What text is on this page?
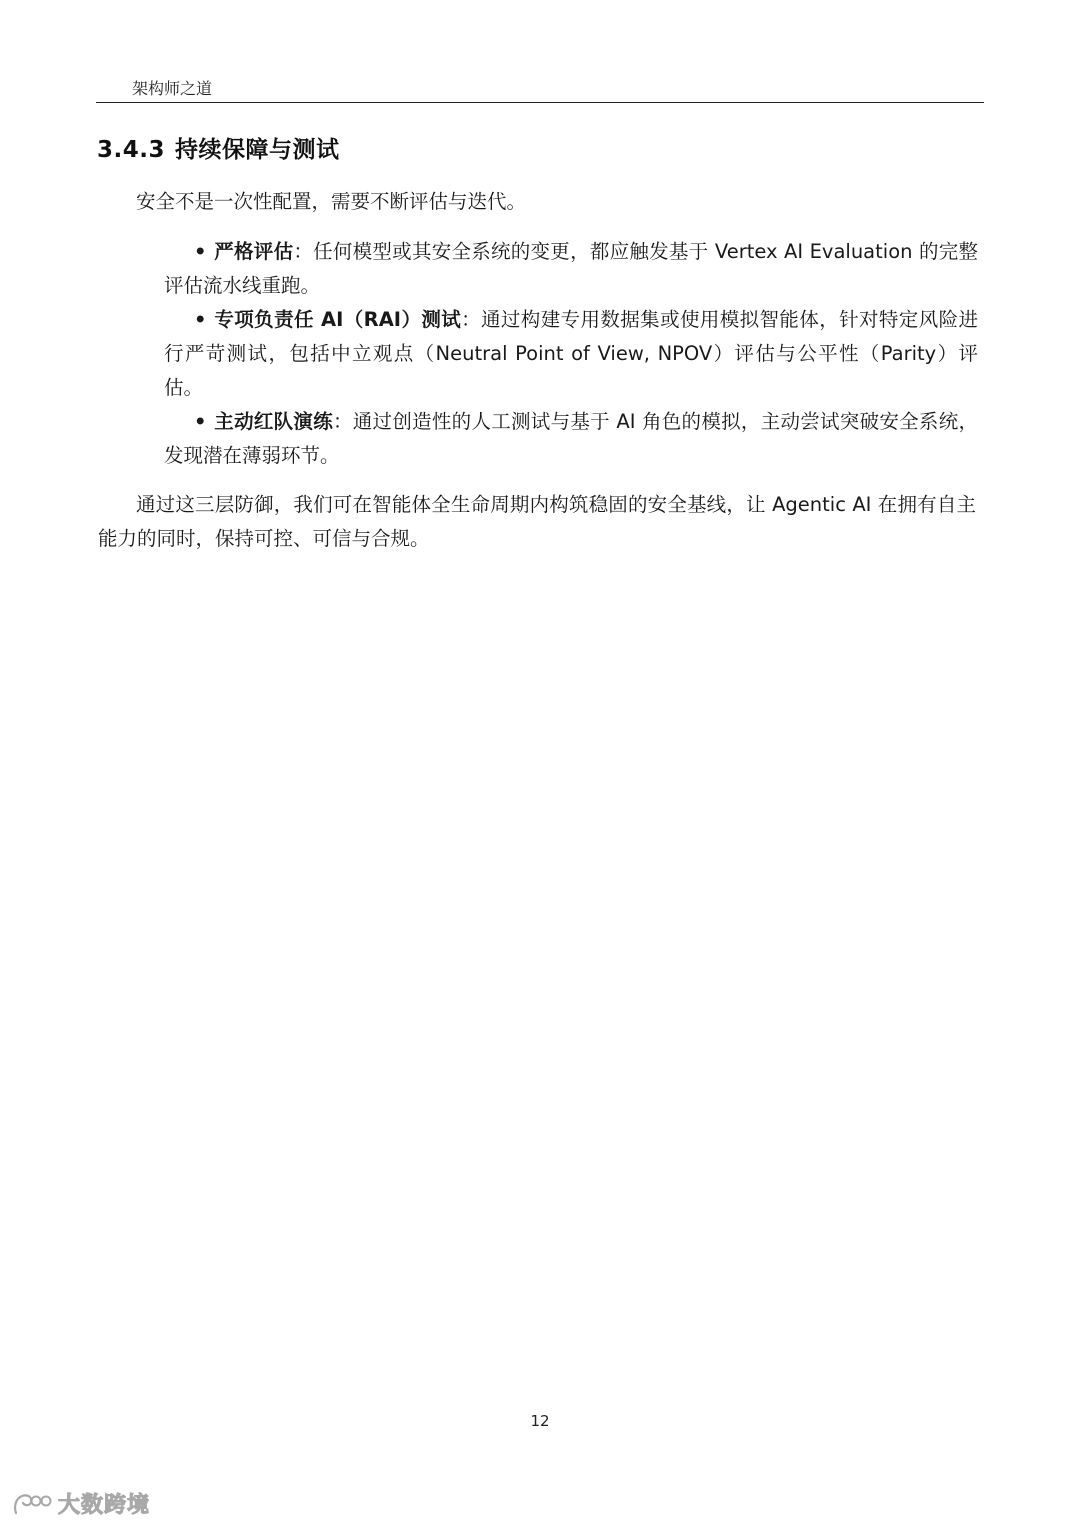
架构师之道
3.4.3 持续保障与测试
安全不是一次性配置，需要不断评估与迭代。
• 严格评估：任何模型或其安全系统的变更，都应触发基于 Vertex AI Evaluation 的完整评估流水线重跑。
• 专项负责任 AI（RAI）测试：通过构建专用数据集或使用模拟智能体，针对特定风险进行严苛测试，包括中立观点（Neutral Point of View, NPOV）评估与公平性（Parity）评估。
• 主动红队演练：通过创造性的人工测试与基于 AI 角色的模拟，主动尝试突破安全系统，发现潜在薄弱环节。
通过这三层防御，我们可在智能体全生命周期内构筑稳固的安全基线，让 Agentic AI 在拥有自主能力的同时，保持可控、可信与合规。
12
大数跨境
